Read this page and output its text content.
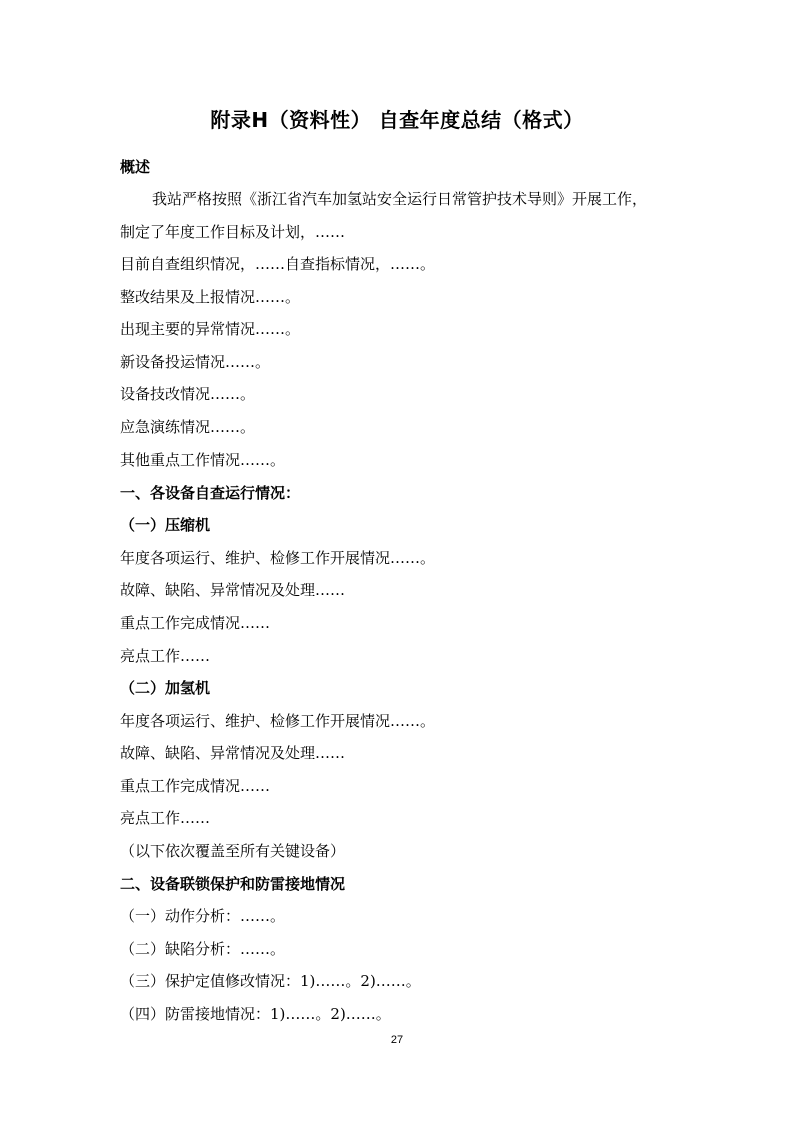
附录H（资料性） 自查年度总结（格式）
概述
我站严格按照《浙江省汽车加氢站安全运行日常管护技术导则》开展工作，
制定了年度工作目标及计划，……
目前自查组织情况，……自查指标情况，……。
整改结果及上报情况……。
出现主要的异常情况……。
新设备投运情况……。
设备技改情况……。
应急演练情况……。
其他重点工作情况……。
一、各设备自查运行情况：
（一）压缩机
年度各项运行、维护、检修工作开展情况……。
故障、缺陷、异常情况及处理……
重点工作完成情况……
亮点工作……
（二）加氢机
年度各项运行、维护、检修工作开展情况……。
故障、缺陷、异常情况及处理……
重点工作完成情况……
亮点工作……
（以下依次覆盖至所有关键设备）
二、设备联锁保护和防雷接地情况
（一）动作分析：……。
（二）缺陷分析：……。
（三）保护定值修改情况：1)……。2)……。
（四）防雷接地情况：1)……。2)……。
27
